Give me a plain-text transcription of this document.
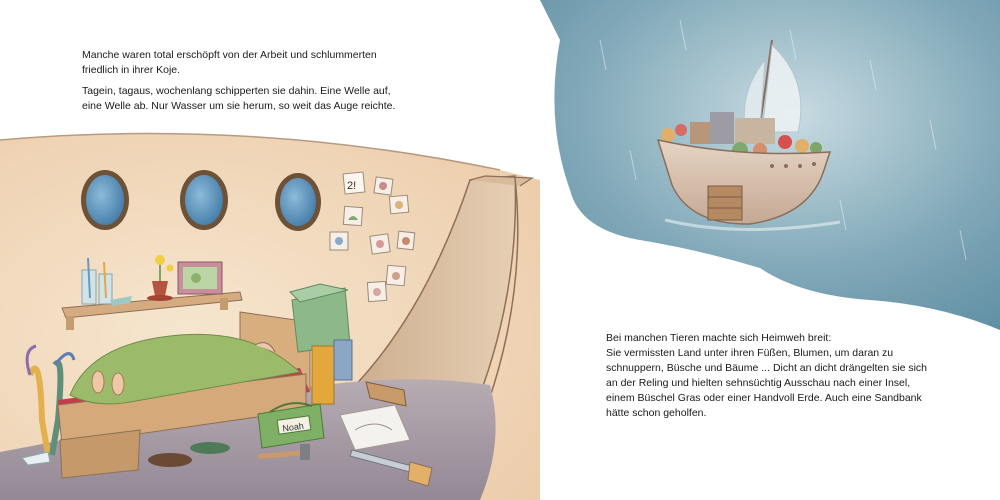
2!
Noah

Manche waren total erschöpft von der Arbeit und schlummerten friedlich in ihrer Koje.

Tagein, tagaus, wochenlang schipperten sie dahin. Eine Welle auf, eine Welle ab. Nur Wasser um sie herum, so weit das Auge reichte.

Bei manchen Tieren machte sich Heimweh breit:
Sie vermissten Land unter ihren Füßen, Blumen, um daran zu schnuppern, Büsche und Bäume ... Dicht an dicht drängelten sie sich an der Reling und hielten sehnsüchtig Ausschau nach einer Insel, einem Büschel Gras oder einer Handvoll Erde. Auch eine Sandbank hätte schon geholfen.
